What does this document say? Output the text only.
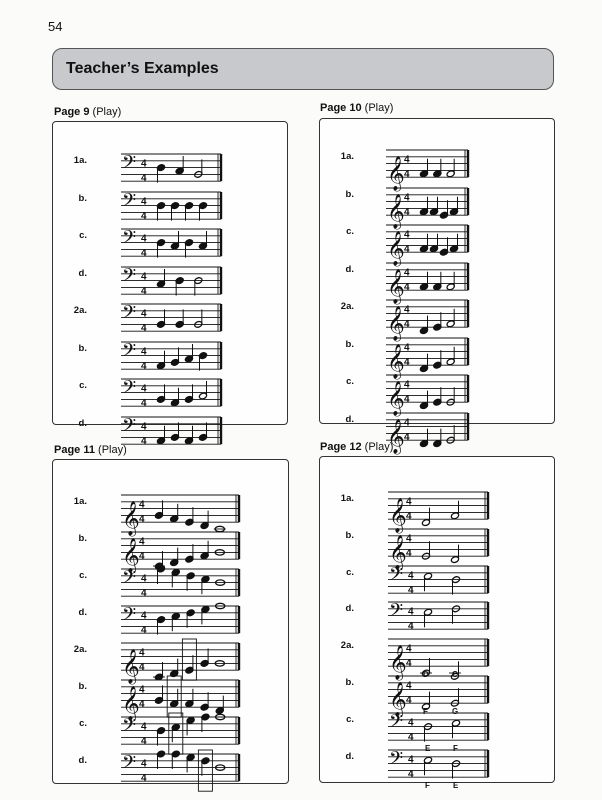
54
Teacher’s Examples
Page 9 (Play)	Page 10 (Play)
Page 11 (Play)	Page 12 (Play)
1a. 𝄢 4
4
b. 𝄢 4
4
c. 𝄢 4
4
d. 𝄢 4
4
2a. 𝄢 4
4
b. 𝄢 4
4
c. 𝄢 4
4
d. 𝄢 4
4
1a. 𝄞 4
4
b. 𝄞 4
4
c. 𝄞 4
4
d. 𝄞 4
4
2a. 𝄞 4
4
b. 𝄞 4
4
c. 𝄞 4
4
d. 𝄞 4
4
1a. 𝄞 4
4
b. 𝄞 4
4
c. 𝄢 4
4
d. 𝄢 4
4
2a. 𝄞 4
4
b. 𝄞 4
4
c. 𝄢 4
4
d. 𝄢 4
4
1a. 𝄞 4
4
b. 𝄞 4
4
c. 𝄢 4
4
d. 𝄢 4
4
2a. 𝄞 4
4
D	C
b. 𝄞 4
4
F	G
c. 𝄢 4
4
E	F
d. 𝄢 4
4
F	E
